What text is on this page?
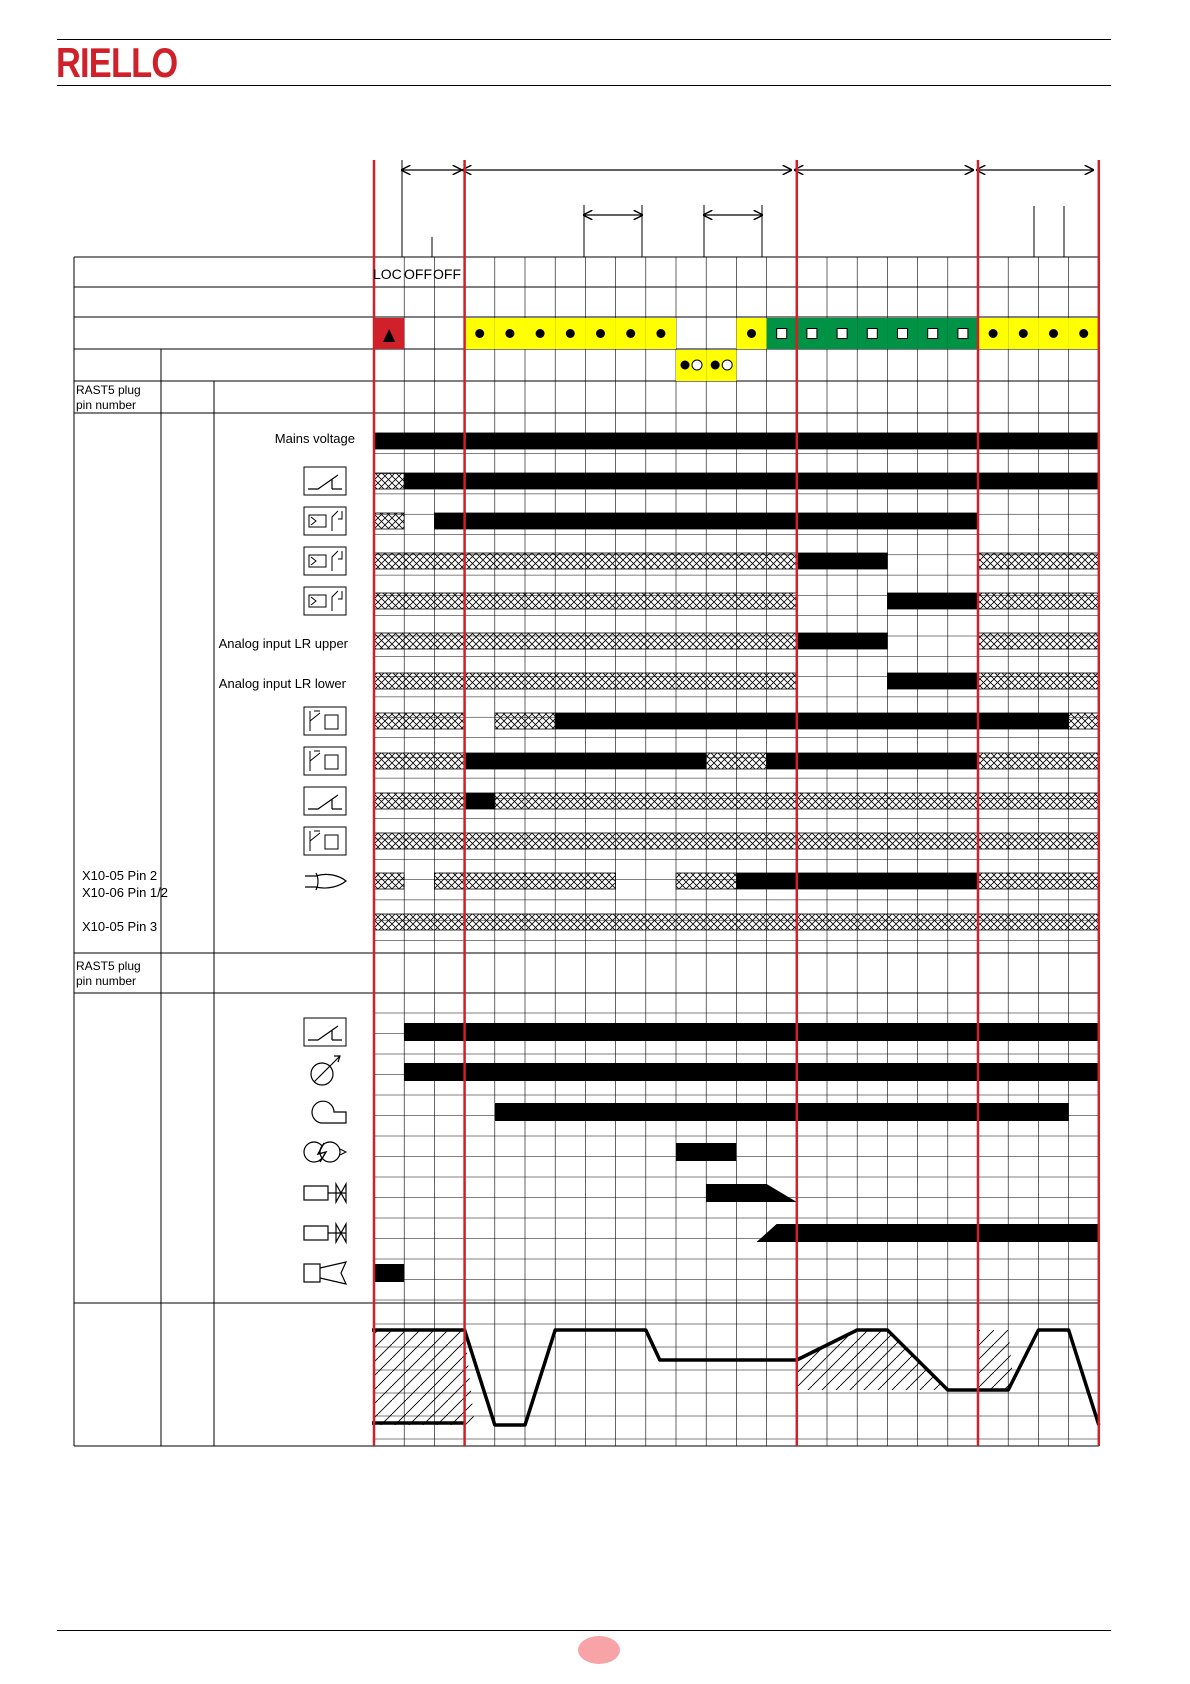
RIELLO
LOC OFF OFF
RAST5 plug
pin number
RAST5 plug
pin number
Mains voltage
Analog input LR upper
Analog input LR lower
X10-05 Pin 2
X10-06 Pin 1/2
X10-05 Pin 3
